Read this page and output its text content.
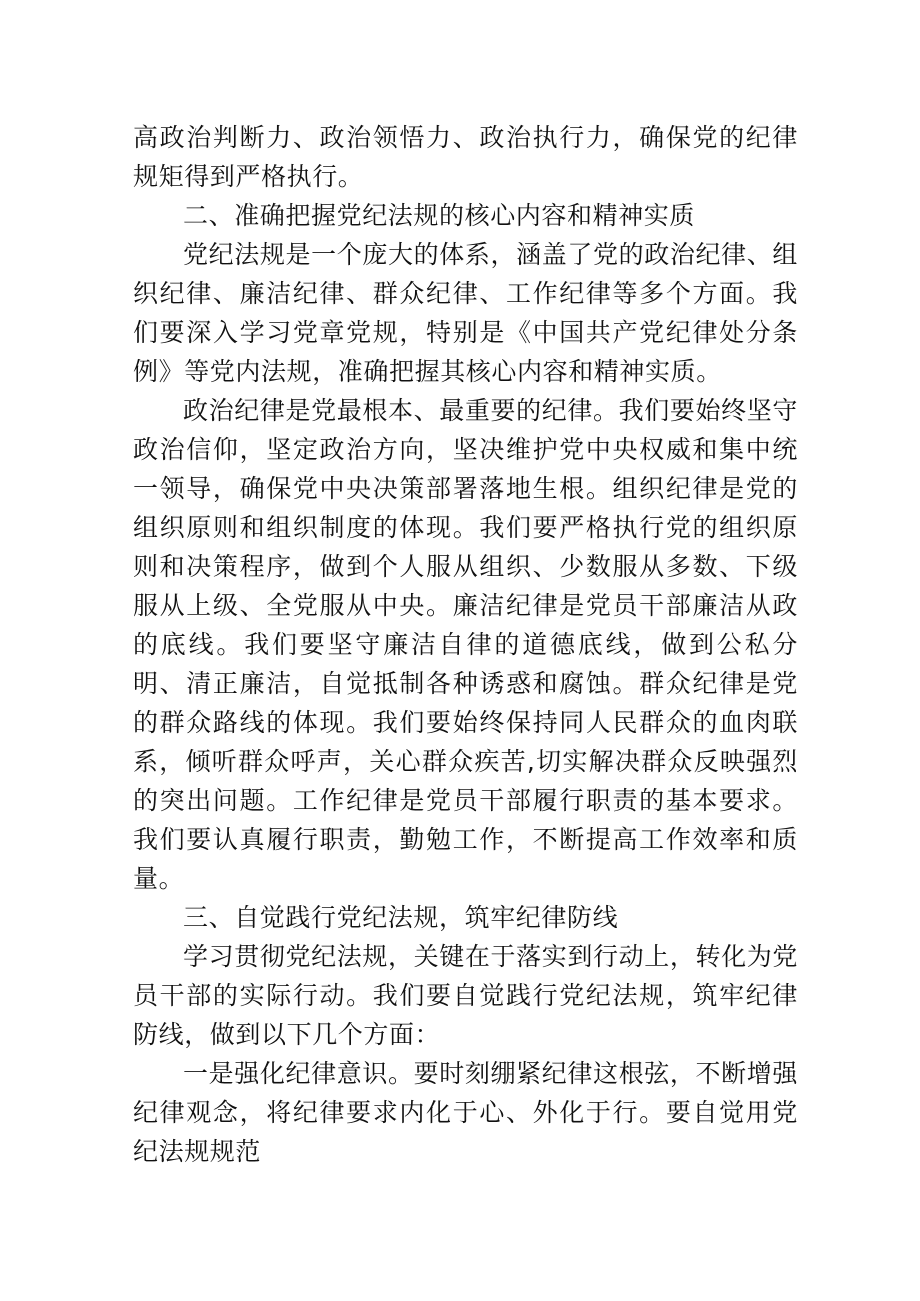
高政治判断力、政治领悟力、政治执行力，确保党的纪律规矩得到严格执行。

二、准确把握党纪法规的核心内容和精神实质

党纪法规是一个庞大的体系，涵盖了党的政治纪律、组织纪律、廉洁纪律、群众纪律、工作纪律等多个方面。我们要深入学习党章党规，特别是《中国共产党纪律处分条例》等党内法规，准确把握其核心内容和精神实质。

政治纪律是党最根本、最重要的纪律。我们要始终坚守政治信仰，坚定政治方向，坚决维护党中央权威和集中统一领导，确保党中央决策部署落地生根。组织纪律是党的组织原则和组织制度的体现。我们要严格执行党的组织原则和决策程序，做到个人服从组织、少数服从多数、下级服从上级、全党服从中央。廉洁纪律是党员干部廉洁从政的底线。我们要坚守廉洁自律的道德底线，做到公私分明、清正廉洁，自觉抵制各种诱惑和腐蚀。群众纪律是党的群众路线的体现。我们要始终保持同人民群众的血肉联系，倾听群众呼声，关心群众疾苦,切实解决群众反映强烈的突出问题。工作纪律是党员干部履行职责的基本要求。我们要认真履行职责，勤勉工作，不断提高工作效率和质量。

三、自觉践行党纪法规，筑牢纪律防线

学习贯彻党纪法规，关键在于落实到行动上，转化为党员干部的实际行动。我们要自觉践行党纪法规，筑牢纪律防线，做到以下几个方面：

一是强化纪律意识。要时刻绷紧纪律这根弦，不断增强纪律观念，将纪律要求内化于心、外化于行。要自觉用党纪法规规范
